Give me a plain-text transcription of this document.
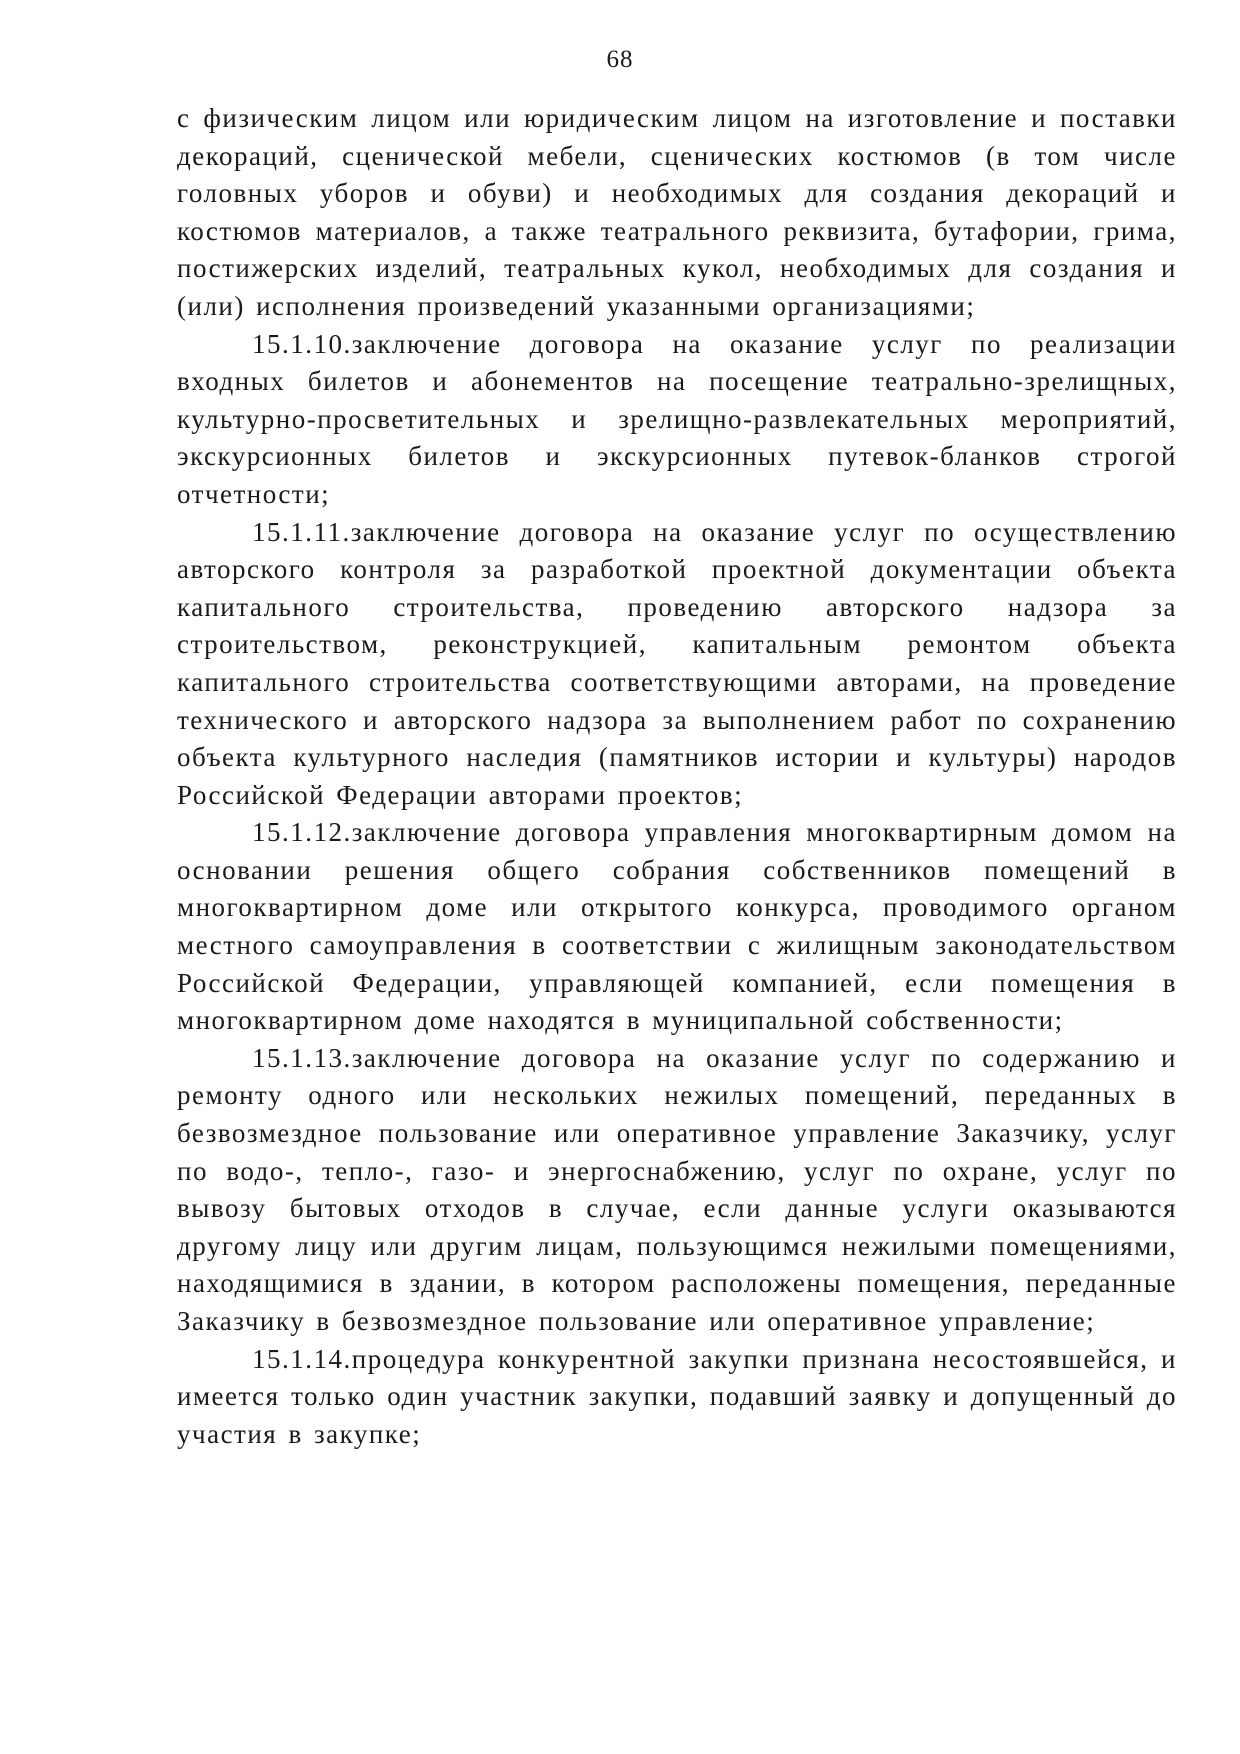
68

с физическим лицом или юридическим лицом на изготовление и поставки декораций, сценической мебели, сценических костюмов (в том числе головных уборов и обуви) и необходимых для создания декораций и костюмов материалов, а также театрального реквизита, бутафории, грима, постижерских изделий, театральных кукол, необходимых для создания и (или) исполнения произведений указанными организациями;

15.1.10.заключение договора на оказание услуг по реализации входных билетов и абонементов на посещение театрально-зрелищных, культурно-просветительных и зрелищно-развлекательных мероприятий, экскурсионных билетов и экскурсионных путевок-бланков строгой отчетности;

15.1.11.заключение договора на оказание услуг по осуществлению авторского контроля за разработкой проектной документации объекта капитального строительства, проведению авторского надзора за строительством, реконструкцией, капитальным ремонтом объекта капитального строительства соответствующими авторами, на проведение технического и авторского надзора за выполнением работ по сохранению объекта культурного наследия (памятников истории и культуры) народов Российской Федерации авторами проектов;

15.1.12.заключение договора управления многоквартирным домом на основании решения общего собрания собственников помещений в многоквартирном доме или открытого конкурса, проводимого органом местного самоуправления в соответствии с жилищным законодательством Российской Федерации, управляющей компанией, если помещения в многоквартирном доме находятся в муниципальной собственности;

15.1.13.заключение договора на оказание услуг по содержанию и ремонту одного или нескольких нежилых помещений, переданных в безвозмездное пользование или оперативное управление Заказчику, услуг по водо-, тепло-, газо- и энергоснабжению, услуг по охране, услуг по вывозу бытовых отходов в случае, если данные услуги оказываются другому лицу или другим лицам, пользующимся нежилыми помещениями, находящимися в здании, в котором расположены помещения, переданные Заказчику в безвозмездное пользование или оперативное управление;

15.1.14.процедура конкурентной закупки признана несостоявшейся, и имеется только один участник закупки, подавший заявку и допущенный до участия в закупке;
